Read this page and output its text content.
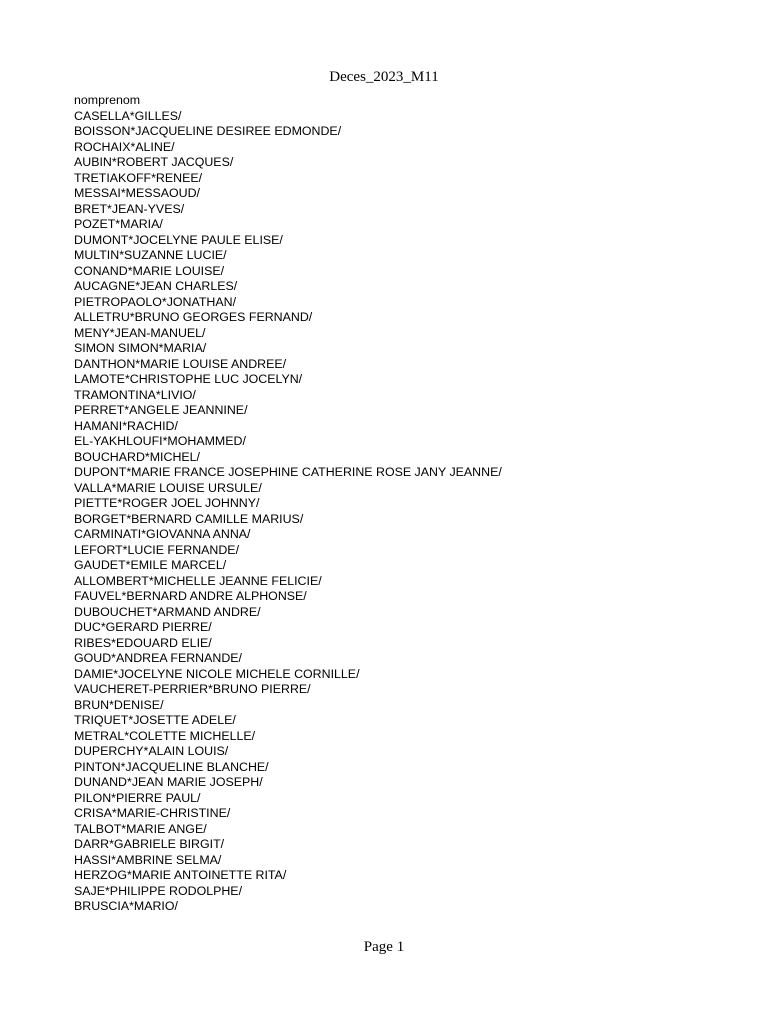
Deces_2023_M11
nomprenom
CASELLA*GILLES/
BOISSON*JACQUELINE DESIREE EDMONDE/
ROCHAIX*ALINE/
AUBIN*ROBERT JACQUES/
TRETIAKOFF*RENEE/
MESSAI*MESSAOUD/
BRET*JEAN-YVES/
POZET*MARIA/
DUMONT*JOCELYNE PAULE ELISE/
MULTIN*SUZANNE LUCIE/
CONAND*MARIE LOUISE/
AUCAGNE*JEAN CHARLES/
PIETROPAOLO*JONATHAN/
ALLETRU*BRUNO GEORGES FERNAND/
MENY*JEAN-MANUEL/
SIMON SIMON*MARIA/
DANTHON*MARIE LOUISE ANDREE/
LAMOTE*CHRISTOPHE LUC JOCELYN/
TRAMONTINA*LIVIO/
PERRET*ANGELE JEANNINE/
HAMANI*RACHID/
EL-YAKHLOUFI*MOHAMMED/
BOUCHARD*MICHEL/
DUPONT*MARIE FRANCE JOSEPHINE CATHERINE ROSE JANY JEANNE/
VALLA*MARIE LOUISE URSULE/
PIETTE*ROGER JOEL JOHNNY/
BORGET*BERNARD CAMILLE MARIUS/
CARMINATI*GIOVANNA ANNA/
LEFORT*LUCIE FERNANDE/
GAUDET*EMILE MARCEL/
ALLOMBERT*MICHELLE JEANNE FELICIE/
FAUVEL*BERNARD ANDRE ALPHONSE/
DUBOUCHET*ARMAND ANDRE/
DUC*GERARD PIERRE/
RIBES*EDOUARD ELIE/
GOUD*ANDREA FERNANDE/
DAMIE*JOCELYNE NICOLE MICHELE CORNILLE/
VAUCHERET-PERRIER*BRUNO PIERRE/
BRUN*DENISE/
TRIQUET*JOSETTE ADELE/
METRAL*COLETTE MICHELLE/
DUPERCHY*ALAIN LOUIS/
PINTON*JACQUELINE BLANCHE/
DUNAND*JEAN MARIE JOSEPH/
PILON*PIERRE PAUL/
CRISA*MARIE-CHRISTINE/
TALBOT*MARIE ANGE/
DARR*GABRIELE BIRGIT/
HASSI*AMBRINE SELMA/
HERZOG*MARIE ANTOINETTE RITA/
SAJE*PHILIPPE RODOLPHE/
BRUSCIA*MARIO/
Page 1
